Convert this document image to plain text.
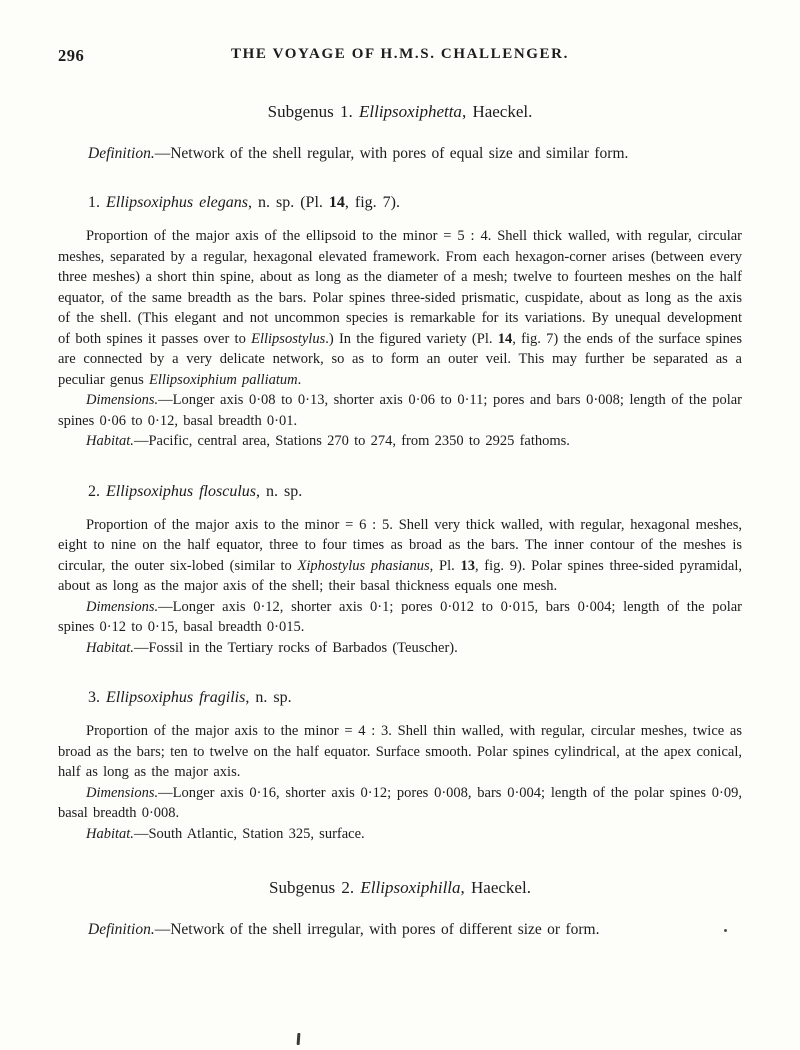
296	THE VOYAGE OF H.M.S. CHALLENGER.

Subgenus 1. Ellipsoxiphetta, Haeckel.

Definition.—Network of the shell regular, with pores of equal size and similar form.

1. Ellipsoxiphus elegans, n. sp. (Pl. 14, fig. 7).

Proportion of the major axis of the ellipsoid to the minor = 5 : 4. Shell thick walled, with regular, circular meshes, separated by a regular, hexagonal elevated framework. From each hexagon-corner arises (between every three meshes) a short thin spine, about as long as the diameter of a mesh; twelve to fourteen meshes on the half equator, of the same breadth as the bars. Polar spines three-sided prismatic, cuspidate, about as long as the axis of the shell. (This elegant and not uncommon species is remarkable for its variations. By unequal development of both spines it passes over to Ellipsostylus.) In the figured variety (Pl. 14, fig. 7) the ends of the surface spines are connected by a very delicate network, so as to form an outer veil. This may further be separated as a peculiar genus Ellipsoxiphium palliatum.

Dimensions.—Longer axis 0·08 to 0·13, shorter axis 0·06 to 0·11; pores and bars 0·008; length of the polar spines 0·06 to 0·12, basal breadth 0·01.

Habitat.—Pacific, central area, Stations 270 to 274, from 2350 to 2925 fathoms.

2. Ellipsoxiphus flosculus, n. sp.

Proportion of the major axis to the minor = 6 : 5. Shell very thick walled, with regular, hexagonal meshes, eight to nine on the half equator, three to four times as broad as the bars. The inner contour of the meshes is circular, the outer six-lobed (similar to Xiphostylus phasianus, Pl. 13, fig. 9). Polar spines three-sided pyramidal, about as long as the major axis of the shell; their basal thickness equals one mesh.

Dimensions.—Longer axis 0·12, shorter axis 0·1; pores 0·012 to 0·015, bars 0·004; length of the polar spines 0·12 to 0·15, basal breadth 0·015.

Habitat.—Fossil in the Tertiary rocks of Barbados (Teuscher).

3. Ellipsoxiphus fragilis, n. sp.

Proportion of the major axis to the minor = 4 : 3. Shell thin walled, with regular, circular meshes, twice as broad as the bars; ten to twelve on the half equator. Surface smooth. Polar spines cylindrical, at the apex conical, half as long as the major axis.

Dimensions.—Longer axis 0·16, shorter axis 0·12; pores 0·008, bars 0·004; length of the polar spines 0·09, basal breadth 0·008.

Habitat.—South Atlantic, Station 325, surface.

Subgenus 2. Ellipsoxiphilla, Haeckel.

Definition.—Network of the shell irregular, with pores of different size or form.
